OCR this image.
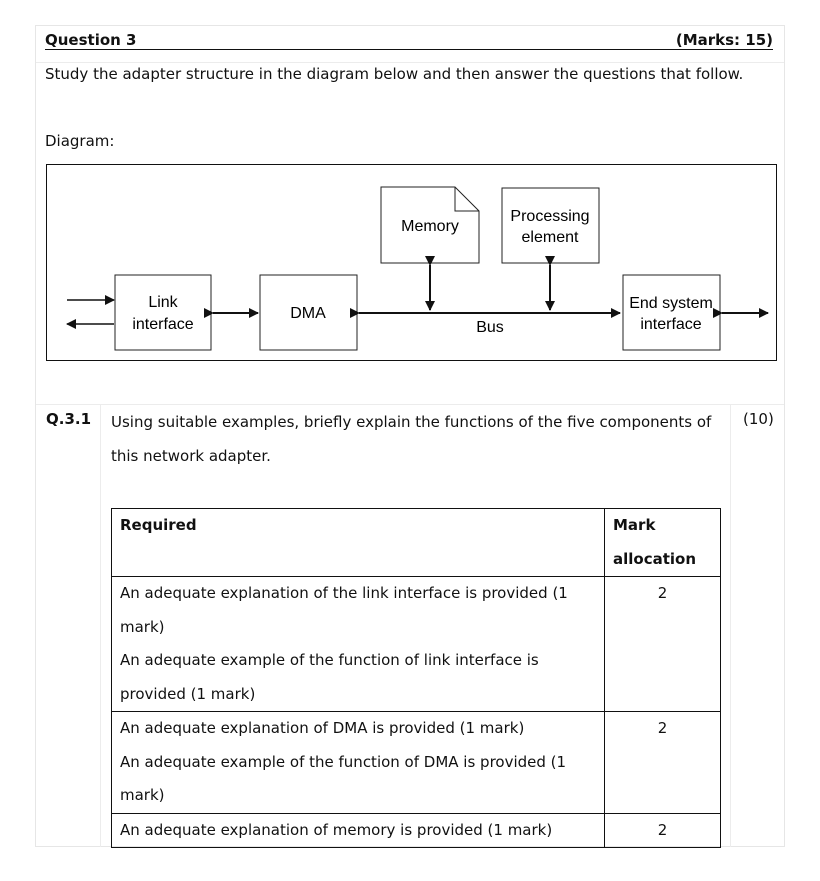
Question 3	(Marks: 15)
Study the adapter structure in the diagram below and then answer the questions that follow.
Diagram:
Link
interface
DMA
Bus
Memory
Processing
element
End system
interface
Q.3.1 Using suitable examples, briefly explain the functions of the five components of
this network adapter.
(10)
Required	Mark
allocation

An adequate explanation of the link interface is provided (1
mark)
An adequate example of the function of link interface is
provided (1 mark)	2

An adequate explanation of DMA is provided (1 mark)
An adequate example of the function of DMA is provided (1
mark)	2

An adequate explanation of memory is provided (1 mark)	2
